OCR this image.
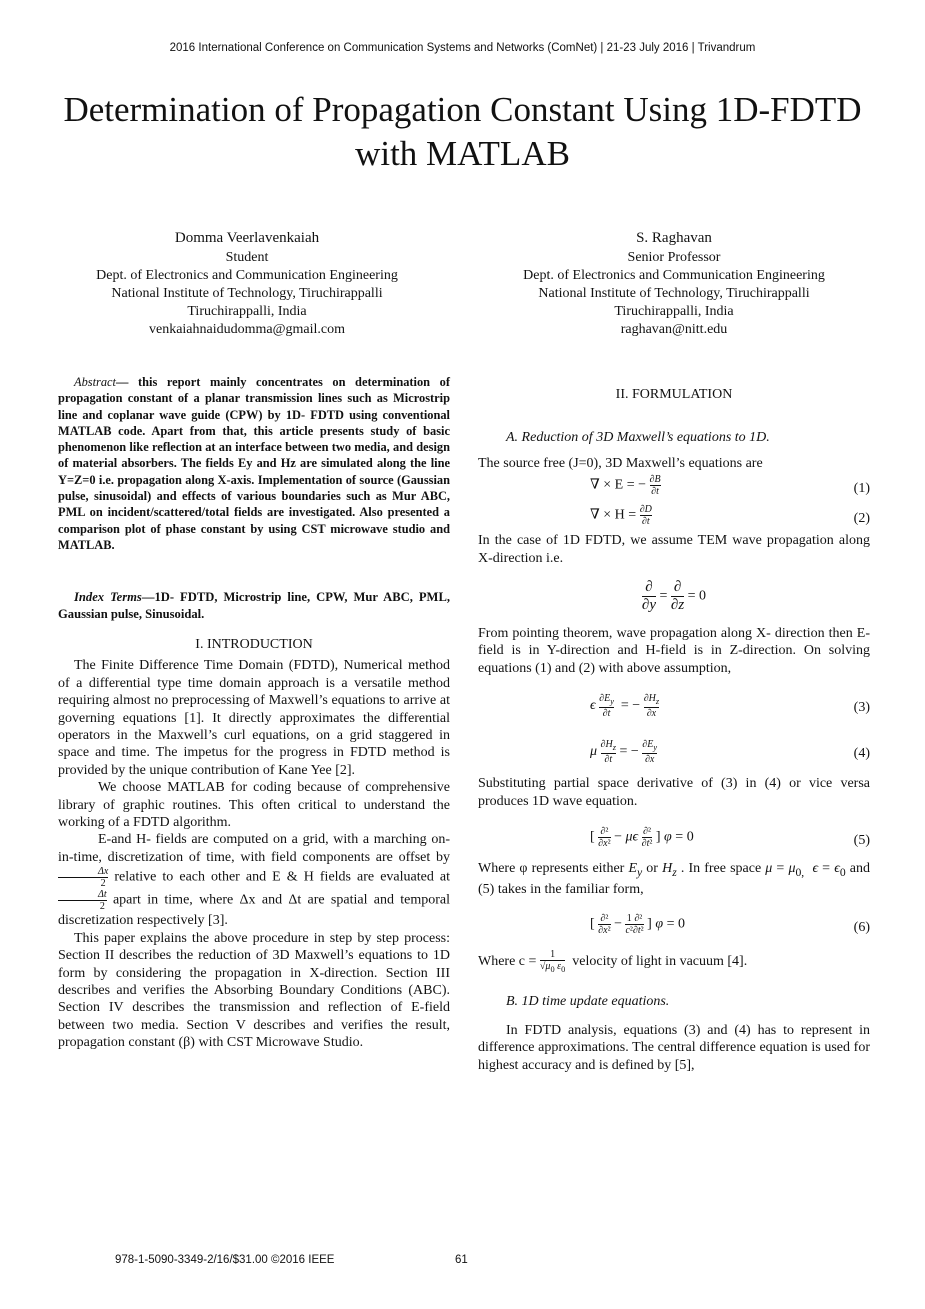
2016 International Conference on Communication Systems and Networks (ComNet) | 21-23 July 2016 | Trivandrum
Determination of Propagation Constant Using 1D-FDTD with MATLAB
Domma Veerlavenkaiah
Student
Dept. of Electronics and Communication Engineering
National Institute of Technology, Tiruchirappalli
Tiruchirappalli, India
venkaiahnaidudomma@gmail.com
S. Raghavan
Senior Professor
Dept. of Electronics and Communication Engineering
National Institute of Technology, Tiruchirappalli
Tiruchirappalli, India
raghavan@nitt.edu
Abstract— this report mainly concentrates on determination of propagation constant of a planar transmission lines such as Microstrip line and coplanar wave guide (CPW) by 1D- FDTD using conventional MATLAB code. Apart from that, this article presents study of basic phenomenon like reflection at an interface between two media, and design of material absorbers. The fields Ey and Hz are simulated along the line Y=Z=0 i.e. propagation along X-axis. Implementation of source (Gaussian pulse, sinusoidal) and effects of various boundaries such as Mur ABC, PML on incident/scattered/total fields are investigated. Also presented a comparison plot of phase constant by using CST microwave studio and MATLAB.
Index Terms—1D- FDTD, Microstrip line, CPW, Mur ABC, PML, Gaussian pulse, Sinusoidal.
I. INTRODUCTION

The Finite Difference Time Domain (FDTD), Numerical method of a differential type time domain approach is a versatile method requiring almost no preprocessing of Maxwell’s equations to arrive at governing equations [1]. It directly approximates the differential operators in the Maxwell’s curl equations, on a grid staggered in space and time. The impetus for the progress in FDTD method is provided by the unique contribution of Kane Yee [2].

We choose MATLAB for coding because of comprehensive library of graphic routines. This often critical to understand the working of a FDTD algorithm.

E-and H- fields are computed on a grid, with a marching on-in-time, discretization of time, with field components are offset by
$\frac{\Delta x}{2}$ relative to each other and E & H fields are evaluated at
$\frac{\Delta t}{2}$ apart in time, where Δx and Δt are spatial and temporal discretization respectively [3].

This paper explains the above procedure in step by step process: Section II describes the reduction of 3D Maxwell’s equations to 1D form by considering the propagation in X-direction. Section III describes and verifies the Absorbing Boundary Conditions (ABC). Section IV describes the transmission and reflection of E-field between two media. Section V describes and verifies the result, propagation constant (β) with CST Microwave Studio.

II. FORMULATION
A. Reduction of 3D Maxwell’s equations to 1D.

The source free (J=0), 3D Maxwell’s equations are

∇ × E = − $\frac{\partial B}{\partial t}$	(1)
∇ × $H = \frac{\partial D}{\partial t}$	(2)

In the case of 1D FDTD, we assume TEM wave propagation along X-direction i.e.

∂
∂y
=
∂
∂z
= 0

From pointing theorem, wave propagation along X- direction then E-field is in Y-direction and H-field is in Z-direction. On solving equations (1) and (2) with above assumption,

ϵ $\frac{\partial E_y}{\partial t}$ = − $\frac{\partial H_z}{\partial x}$	(3)
μ $\frac{\partial H_z}{\partial t}$ = − $\frac{\partial E_y}{\partial x}$	(4)

Substituting partial space derivative of (3) in (4) or vice versa produces 1D wave equation.

[ $\frac{\text{∂²}}{\text{∂x²}} - \mu\epsilon \frac{\text{∂²}}{\text{∂t²}}$ ] φ = 0	(5)

Where φ represents either $E_y$ or $H_z$ . In free space $\mu = \mu_{0,}$ $\epsilon = \epsilon_0$ and (5) takes in the familiar form,

[ $\frac{\text{∂²}}{\text{∂x²}} - \frac{1}{\text{c²}} \frac{\text{∂²}}{\text{∂t²}}$ ] φ = 0	(6)

Where $c = \frac{1}{√\mu_0 \varepsilon_0}$ velocity of light in vacuum [4].

B. 1D time update equations.

In FDTD analysis, equations (3) and (4) has to represent in difference approximations. The central difference equation is used for highest accuracy and is defined by [5],

978-1-5090-3349-2/16/$31.00 ©2016 IEEE	61
